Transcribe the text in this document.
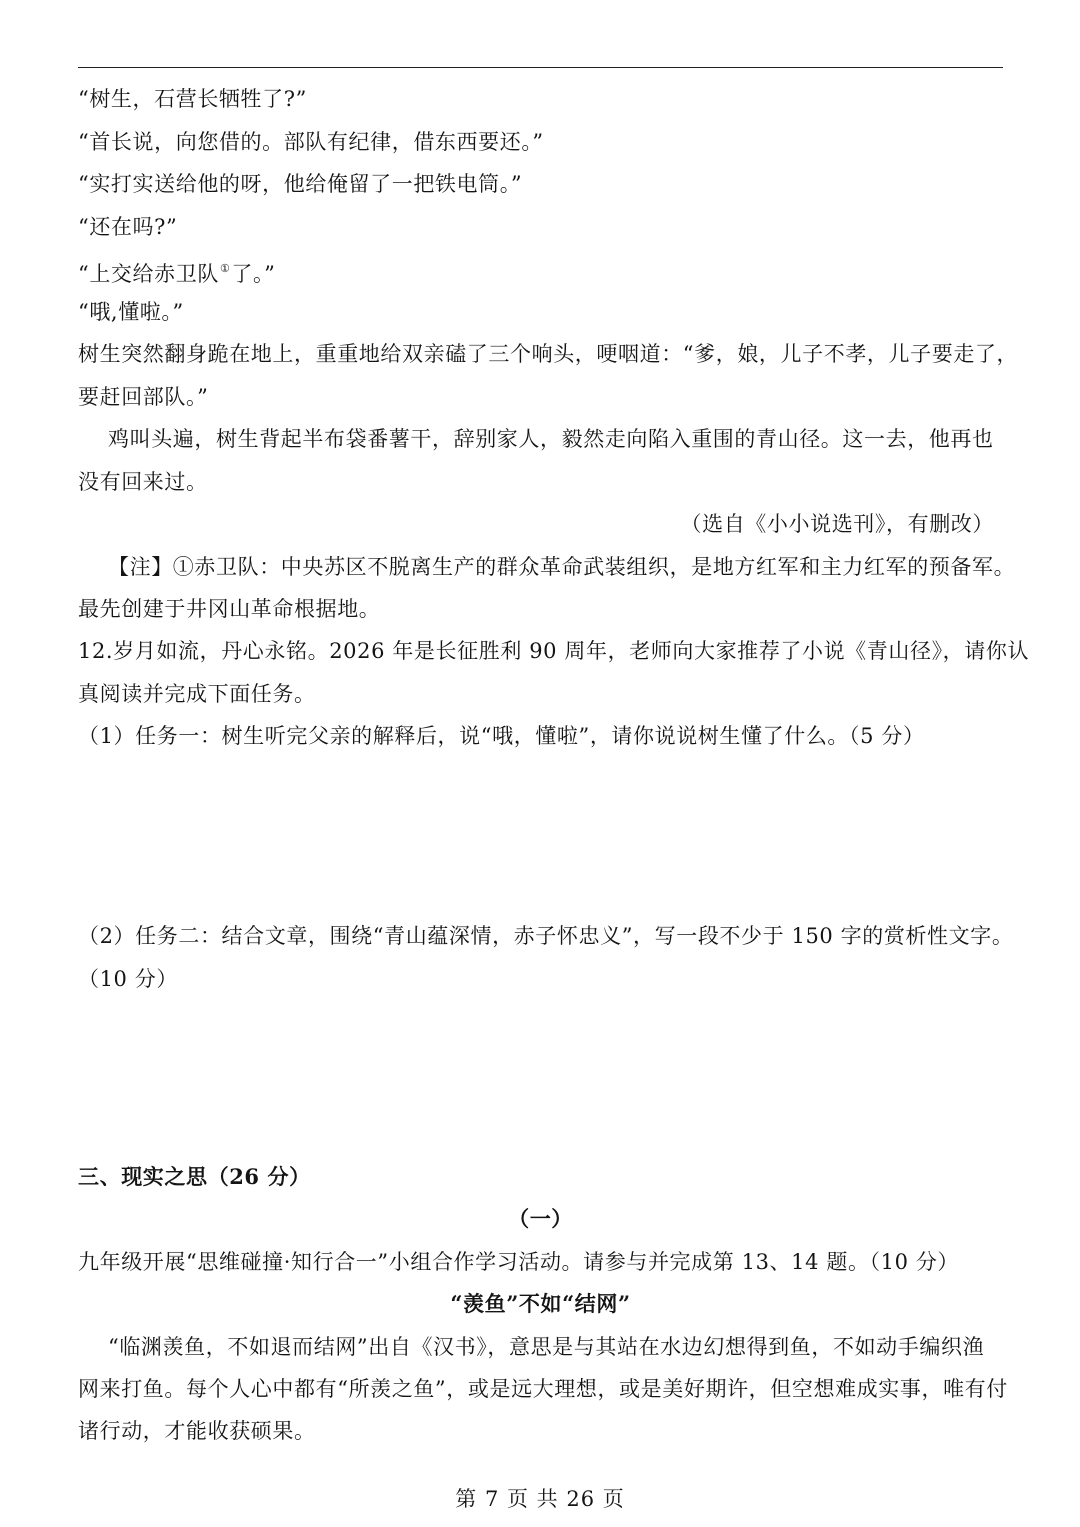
“树生，石营长牺牲了?”
“首长说，向您借的。部队有纪律，借东西要还。”
“实打实送给他的呀，他给俺留了一把铁电筒。”
“还在吗?”
“上交给赤卫队①了。”
“哦,懂啦。”
树生突然翻身跪在地上，重重地给双亲磕了三个响头，哽咽道：“爹，娘，儿子不孝，儿子要走了，
要赶回部队。”
鸡叫头遍，树生背起半布袋番薯干，辞别家人，毅然走向陷入重围的青山径。这一去，他再也
没有回来过。
（选自《小小说选刊》，有删改）
【注】①赤卫队：中央苏区不脱离生产的群众革命武装组织，是地方红军和主力红军的预备军。
最先创建于井冈山革命根据地。
12.岁月如流，丹心永铭。2026 年是长征胜利 90 周年，老师向大家推荐了小说《青山径》，请你认
真阅读并完成下面任务。
（1）任务一：树生听完父亲的解释后，说“哦，懂啦”，请你说说树生懂了什么。（5 分）
（2）任务二：结合文章，围绕“青山蕴深情，赤子怀忠义”，写一段不少于 150 字的赏析性文字。
（10 分）
三、现实之思（26 分）
（一）
九年级开展“思维碰撞·知行合一”小组合作学习活动。请参与并完成第 13、14 题。（10 分）
“羡鱼”不如“结网”
“临渊羡鱼，不如退而结网”出自《汉书》，意思是与其站在水边幻想得到鱼，不如动手编织渔
网来打鱼。每个人心中都有“所羡之鱼”，或是远大理想，或是美好期许，但空想难成实事，唯有付
诸行动，才能收获硕果。
第 7 页 共 26 页
